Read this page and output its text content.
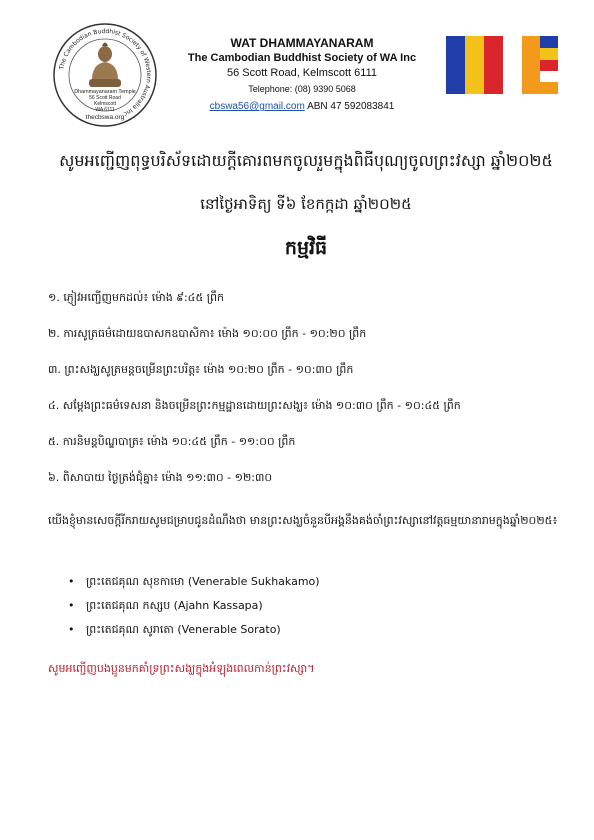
The Cambodian Buddhist Society of Western Australia Inc
Dhammayanaram Temple
56 Scott Road
Kelmscott
WA 6111
thecbswa.org
WAT DHAMMAYANARAM
The Cambodian Buddhist Society of WA Inc
56 Scott Road, Kelmscott 6111
Telephone: (08) 9390 5068
cbswa56@gmail.com ABN 47 592083841
សូមអញ្ជើញពុទ្ធបរិស័ទដោយក្តីគោរពមកចូលរួមក្នុងពិធីបុណ្យចូលព្រះវស្សា ឆ្នាំ២០២៥
នៅថ្ងៃអាទិត្យ ទី៦ ខែកក្កដា ឆ្នាំ២០២៥
កម្មវិធី
១. ភ្ញៀវអញ្ជើញមកដល់៖ ម៉ោង ៩:៤៥ ព្រឹក
២. ការសូត្រធម៌ដោយឧបាសកឧបាសិកា៖ ម៉ោង ១០:០០ ព្រឹក - ១០:២០ ព្រឹក
៣. ព្រះសង្ឃសូត្រមន្តចម្រើនព្រះបរិត្ត៖ ម៉ោង ១០:២០ ព្រឹក - ១០:៣០ ព្រឹក
៤. សម្តែងព្រះធម៌ទេសនា និងចម្រើនព្រះកម្មដ្ឋានដោយព្រះសង្ឃ៖ ម៉ោង ១០:៣០ ព្រឹក - ១០:៤៥ ព្រឹក
៥. ការនិមន្តបិណ្ឌបាត្រ៖ ម៉ោង ១០:៤៥ ព្រឹក - ១១:០០ ព្រឹក
៦. ពិសាបាយ ថ្ងៃត្រង់ជុំគ្នា៖ ម៉ោង ១១:៣០ - ១២:៣០
យើងខ្ញុំមានសេចក្តីរីករាយសូមជម្រាបជូនដំណឹងថា មានព្រះសង្ឃចំនួនបីអង្គនឹងគង់ចាំព្រះវស្សានៅវត្តធម្មយានារាមក្នុងឆ្នាំ២០២៥៖
• ព្រះតេជគុណ សុខកាមោ (Venerable Sukhakamo)
• ព្រះតេជគុណ កស្សប (Ajahn Kassapa)
• ព្រះតេជគុណ សូរាតោ (Venerable Sorato)
សូមអញ្ជើញបងប្អូនមកគាំទ្រព្រះសង្ឃក្នុងអំឡុងពេលកាន់ព្រះវស្សា។
